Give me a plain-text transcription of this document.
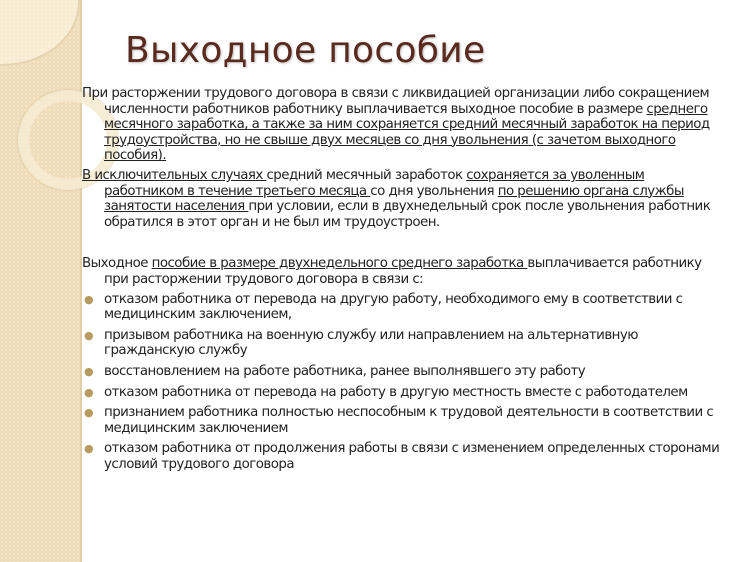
Выходное пособие
При расторжении трудового договора в связи с ликвидацией организации либо сокращением численности работников работнику выплачивается выходное пособие в размере среднего месячного заработка, а также за ним сохраняется средний месячный заработок на период трудоустройства, но не свыше двух месяцев со дня увольнения (с зачетом выходного пособия).
В исключительных случаях средний месячный заработок сохраняется за уволенным работником в течение третьего месяца со дня увольнения по решению органа службы занятости населения при условии, если в двухнедельный срок после увольнения работник обратился в этот орган и не был им трудоустроен.
Выходное пособие в размере двухнедельного среднего заработка выплачивается работнику при расторжении трудового договора в связи с:
● отказом работника от перевода на другую работу, необходимого ему в соответствии с медицинским заключением,
● призывом работника на военную службу или направлением на альтернативную гражданскую службу
● восстановлением на работе работника, ранее выполнявшего эту работу
● отказом работника от перевода на работу в другую местность вместе с работодателем
● признанием работника полностью неспособным к трудовой деятельности в соответствии с медицинским заключением
● отказом работника от продолжения работы в связи с изменением определенных сторонами условий трудового договора
